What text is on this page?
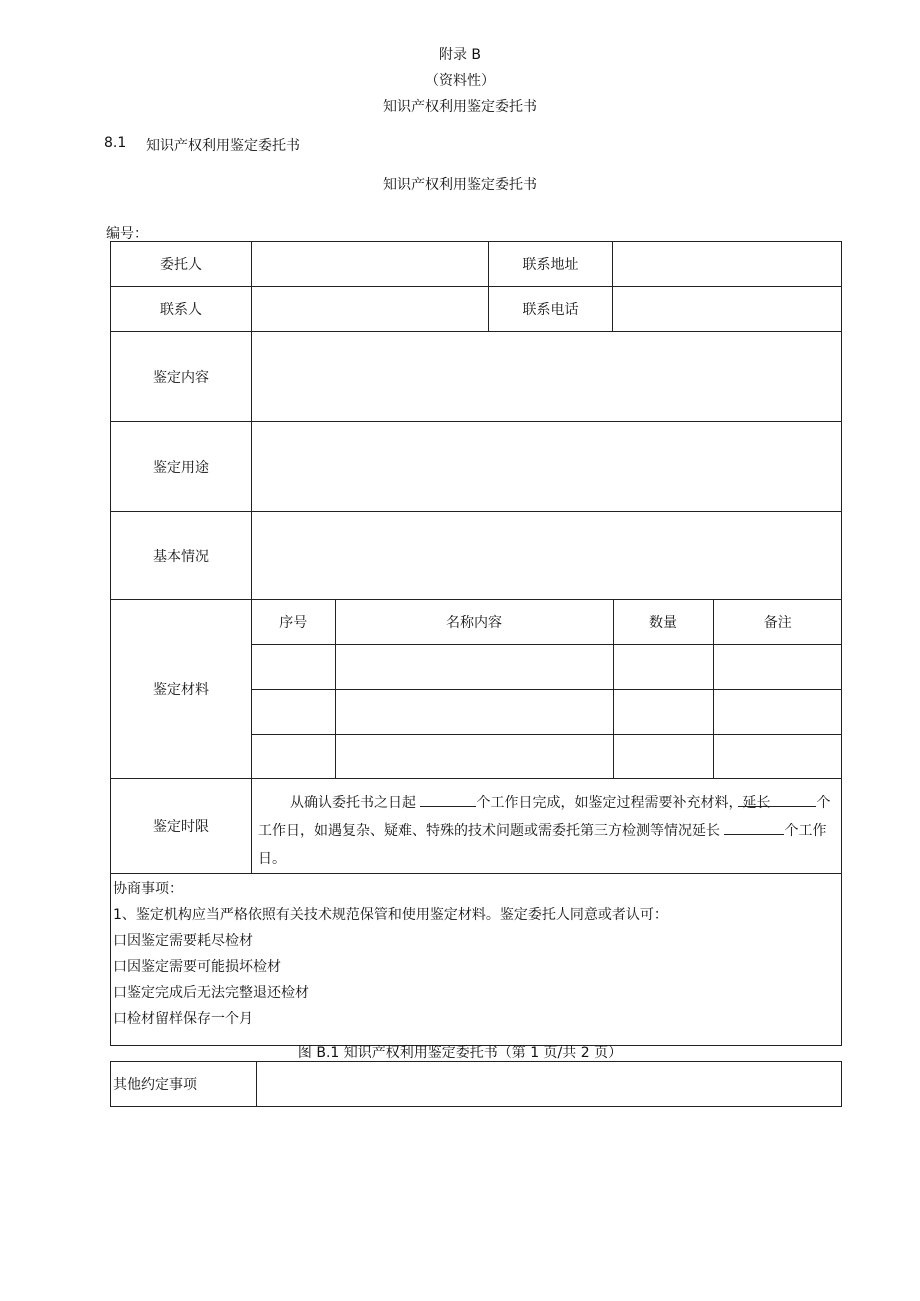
附录 B
（资料性）
知识产权利用鉴定委托书
8.1 知识产权利用鉴定委托书
知识产权利用鉴定委托书
编号：
委托人		联系地址	
联系人		联系电话	
鉴定内容	
鉴定用途	
基本情况	
鉴定材料	
序号	名称内容	数量	备注

鉴定时限	
从确认委托书之日起	个工作日完成，如鉴定过程需要补充材料，延长	个工作日，如遇复杂、疑难、特殊的技术问题或需委托第三方检测等情况延长	个工作日。

协商事项：
1、鉴定机构应当严格依照有关技术规范保管和使用鉴定材料。鉴定委托人同意或者认可：
口因鉴定需要耗尽检材
口因鉴定需要可能损坏检材
口鉴定完成后无法完整退还检材
口检材留样保存一个月
图 B.1 知识产权利用鉴定委托书（第 1 页/共 2 页）
其他约定事项	
